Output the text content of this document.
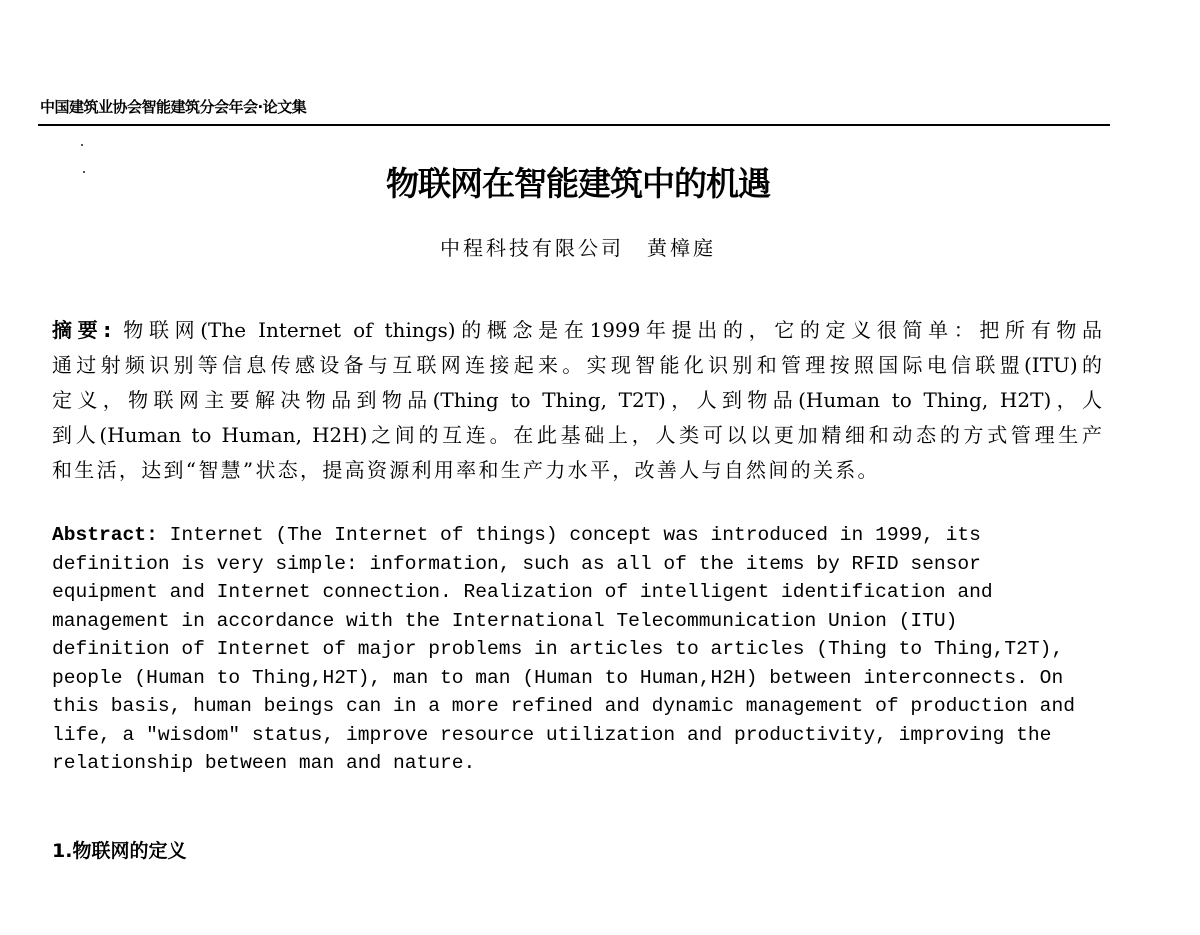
中国建筑业协会智能建筑分会年会·论文集
物联网在智能建筑中的机遇
中程科技有限公司　黄樟庭
摘要: 物联网(The Internet of things)的概念是在1999年提出的，它的定义很简单：把所有物品
通过射频识别等信息传感设备与互联网连接起来。实现智能化识别和管理按照国际电信联盟(ITU)的
定义，物联网主要解决物品到物品(Thing to Thing, T2T)，人到物品(Human to Thing, H2T)，人
到人(Human to Human, H2H)之间的互连。在此基础上，人类可以以更加精细和动态的方式管理生产
和生活，达到“智慧”状态，提高资源利用率和生产力水平，改善人与自然间的关系。
Abstract: Internet (The Internet of things) concept was introduced in 1999, its
definition is very simple: information, such as all of the items by RFID sensor
equipment and Internet connection. Realization of intelligent identification and
management in accordance with the International Telecommunication Union (ITU)
definition of Internet of major problems in articles to articles (Thing to Thing,T2T),
people (Human to Thing,H2T), man to man (Human to Human,H2H) between interconnects. On
this basis, human beings can in a more refined and dynamic management of production and
life, a "wisdom" status, improve resource utilization and productivity, improving the
relationship between man and nature.
1.物联网的定义
